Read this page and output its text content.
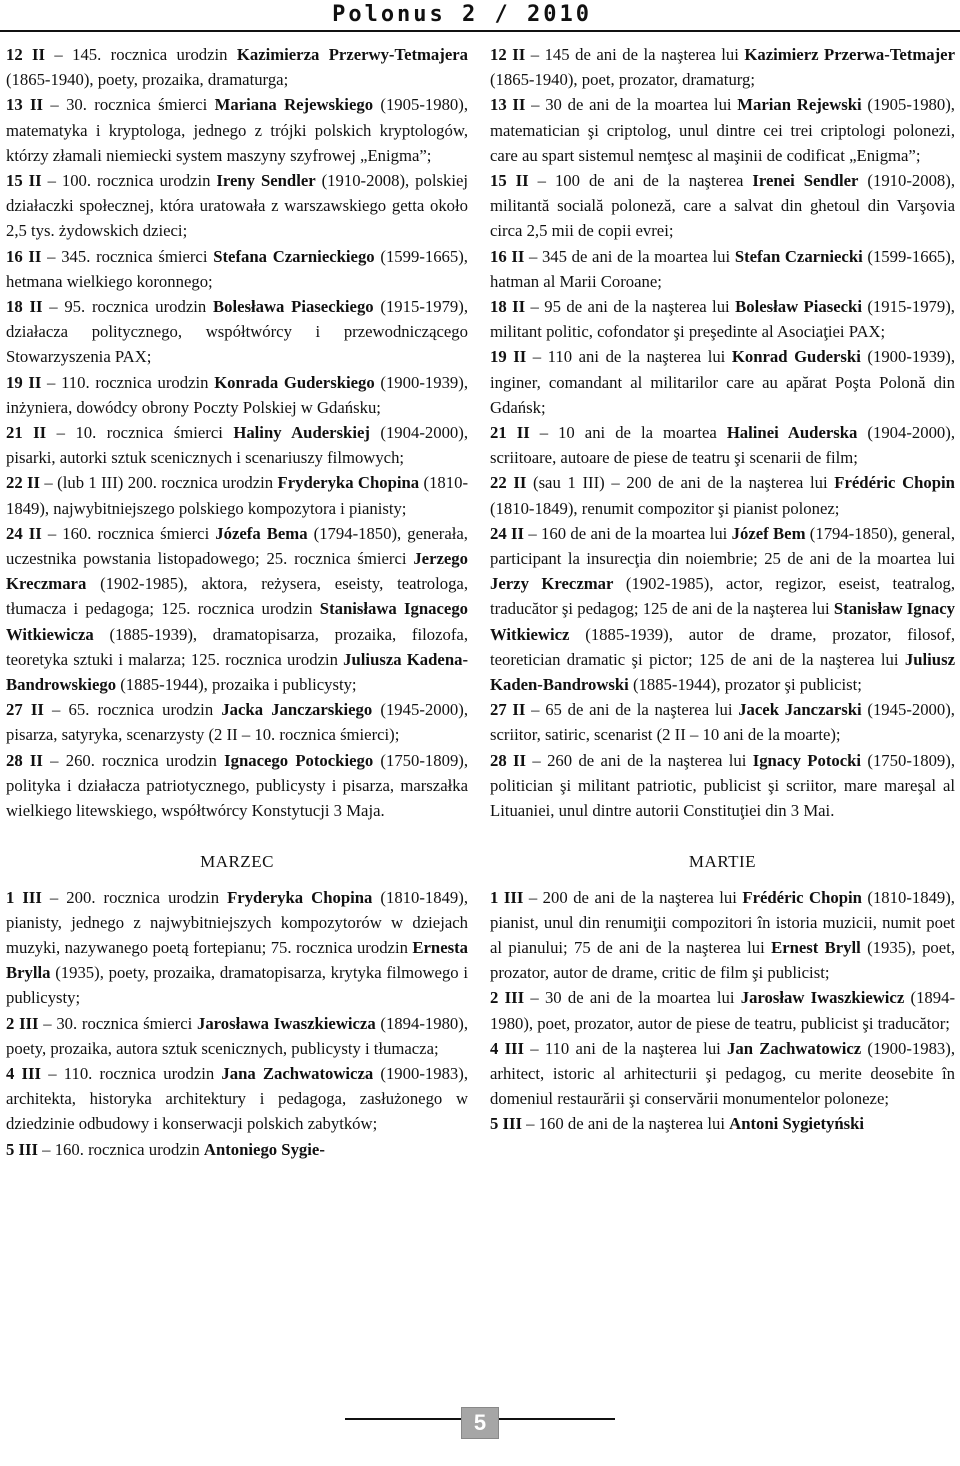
Polonus 2 / 2010

12 II – 145. rocznica urodzin Kazimierza Przerwy-Tetmajera (1865-1940), poety, prozaika, dramaturga;

13 II – 30. rocznica śmierci Mariana Rejewskiego (1905-1980), matematyka i kryptologa, jednego z trójki polskich kryptologów, którzy złamali niemiecki system maszyny szyfrowej „Enigma”;

15 II – 100. rocznica urodzin Ireny Sendler (1910-2008), polskiej działaczki społecznej, która uratowała z warszawskiego getta około 2,5 tys. żydowskich dzieci;

16 II – 345. rocznica śmierci Stefana Czarnieckiego (1599-1665), hetmana wielkiego koronnego;

18 II – 95. rocznica urodzin Bolesława Piaseckiego (1915-1979), działacza politycznego, współtwórcy i przewodniczącego Stowarzyszenia PAX;

19 II – 110. rocznica urodzin Konrada Guderskiego (1900-1939), inżyniera, dowódcy obrony Poczty Polskiej w Gdańsku;

21 II – 10. rocznica śmierci Haliny Auderskiej (1904-2000), pisarki, autorki sztuk scenicznych i scenariuszy filmowych;

22 II – (lub 1 III) 200. rocznica urodzin Fryderyka Chopina (1810-1849), najwybitniejszego polskiego kompozytora i pianisty;

24 II – 160. rocznica śmierci Józefa Bema (1794-1850), generała, uczestnika powstania listopadowego; 25. rocznica śmierci Jerzego Kreczmara (1902-1985), aktora, reżysera, eseisty, teatrologa, tłumacza i pedagoga; 125. rocznica urodzin Stanisława Ignacego Witkiewicza (1885-1939), dramatopisarza, prozaika, filozofa, teoretyka sztuki i malarza; 125. rocznica urodzin Juliusza Kadena-Bandrowskiego (1885-1944), prozaika i publicysty;

27 II – 65. rocznica urodzin Jacka Janczarskiego (1945-2000), pisarza, satyryka, scenarzysty (2 II – 10. rocznica śmierci);

28 II – 260. rocznica urodzin Ignacego Potockiego (1750-1809), polityka i działacza patriotycznego, publicysty i pisarza, marszałka wielkiego litewskiego, współtwórcy Konstytucji 3 Maja.

MARZEC

1 III – 200. rocznica urodzin Fryderyka Chopina (1810-1849), pianisty, jednego z najwybitniejszych kompozytorów w dziejach muzyki, nazywanego poetą fortepianu; 75. rocznica urodzin Ernesta Brylla (1935), poety, prozaika, dramatopisarza, krytyka filmowego i publicysty;

2 III – 30. rocznica śmierci Jarosława Iwaszkiewicza (1894-1980), poety, prozaika, autora sztuk scenicznych, publicysty i tłumacza;

4 III – 110. rocznica urodzin Jana Zachwatowicza (1900-1983), architekta, historyka architektury i pedagoga, zasłużonego w dziedzinie odbudowy i konserwacji polskich zabytków;

5 III – 160. rocznica urodzin Antoniego Sygie-

12 II – 145 de ani de la naşterea lui Kazimierz Przerwa-Tetmajer (1865-1940), poet, prozator, dramaturg;

13 II – 30 de ani de la moartea lui Marian Rejewski (1905-1980), matematician şi criptolog, unul dintre cei trei criptologi polonezi, care au spart sistemul nemţesc al maşinii de codificat „Enigma”;

15 II – 100 de ani de la naşterea Irenei Sendler (1910-2008), militantă socială poloneză, care a salvat din ghetoul din Varşovia circa 2,5 mii de copii evrei;

16 II – 345 de ani de la moartea lui Stefan Czarniecki (1599-1665), hatman al Marii Coroane;

18 II – 95 de ani de la naşterea lui Bolesław Piasecki (1915-1979), militant politic, cofondator şi preşedinte al Asociaţiei PAX;

19 II – 110 ani de la naşterea lui Konrad Guderski (1900-1939), inginer, comandant al militarilor care au apărat Poşta Polonă din Gdańsk;

21 II – 10 ani de la moartea Halinei Auderska (1904-2000), scriitoare, autoare de piese de teatru şi scenarii de film;

22 II (sau 1 III) – 200 de ani de la naşterea lui Frédéric Chopin (1810-1849), renumit compozitor şi pianist polonez;

24 II – 160 de ani de la moartea lui Józef Bem (1794-1850), general, participant la insurecţia din noiembrie; 25 de ani de la moartea lui Jerzy Kreczmar (1902-1985), actor, regizor, eseist, teatralog, traducător şi pedagog; 125 de ani de la naşterea lui Stanisław Ignacy Witkiewicz (1885-1939), autor de drame, prozator, filosof, teoretician dramatic şi pictor; 125 de ani de la naşterea lui Juliusz Kaden-Bandrowski (1885-1944), prozator şi publicist;

27 II – 65 de ani de la naşterea lui Jacek Janczarski (1945-2000), scriitor, satiric, scenarist (2 II – 10 ani de la moarte);

28 II – 260 de ani de la naşterea lui Ignacy Potocki (1750-1809), politician şi militant patriotic, publicist şi scriitor, mare mareşal al Lituaniei, unul dintre autorii Constituţiei din 3 Mai.

MARTIE

1 III – 200 de ani de la naşterea lui Frédéric Chopin (1810-1849), pianist, unul din renumiţii compozitori în istoria muzicii, numit poet al pianului; 75 de ani de la naşterea lui Ernest Bryll (1935), poet, prozator, autor de drame, critic de film şi publicist;

2 III – 30 de ani de la moartea lui Jarosław Iwaszkiewicz (1894-1980), poet, prozator, autor de piese de teatru, publicist şi traducător;

4 III – 110 ani de la naşterea lui Jan Zachwatowicz (1900-1983), arhitect, istoric al arhitecturii şi pedagog, cu merite deosebite în domeniul restaurării şi conservării monumentelor poloneze;

5 III – 160 de ani de la naşterea lui Antoni Sygietyński

5
